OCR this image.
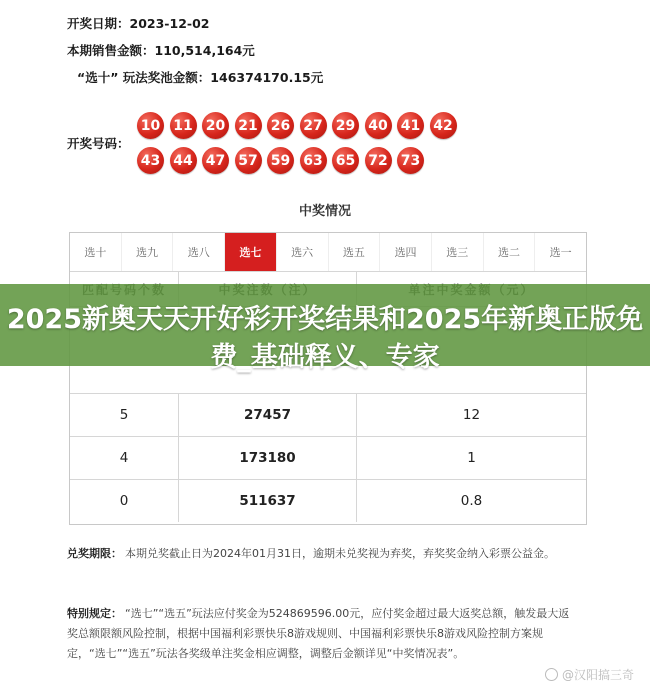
开奖日期：2023-12-02
本期销售金额：110,514,164元
“选十” 玩法奖池金额：146374170.15元
开奖号码：
10 11 20 21 26 27 29 40 41 42
43 44 47 57 59 63 65 72 73
中奖情况
选十	选九	选八	选七	选六	选五	选四	选三	选二	选一
5	27457	12
4	173180	1
0	511637	0.8
2025新奥天天开好彩开奖结果和2025年新奥正版免费_基础释义、专家
兑奖期限： 本期兑奖截止日为2024年01月31日，逾期未兑奖视为弃奖，弃奖奖金纳入彩票公益金。
特别规定： “选七”“选五”玩法应付奖金为524869596.00元，应付奖金超过最大返奖总额，触发最大返奖总额限额风险控制，根据中国福利彩票快乐8游戏规则、中国福利彩票快乐8游戏风险控制方案规定，“选七”“选五”玩法各奖级单注奖金相应调整，调整后金额详见“中奖情况表”。
@汉阳搞三奇
